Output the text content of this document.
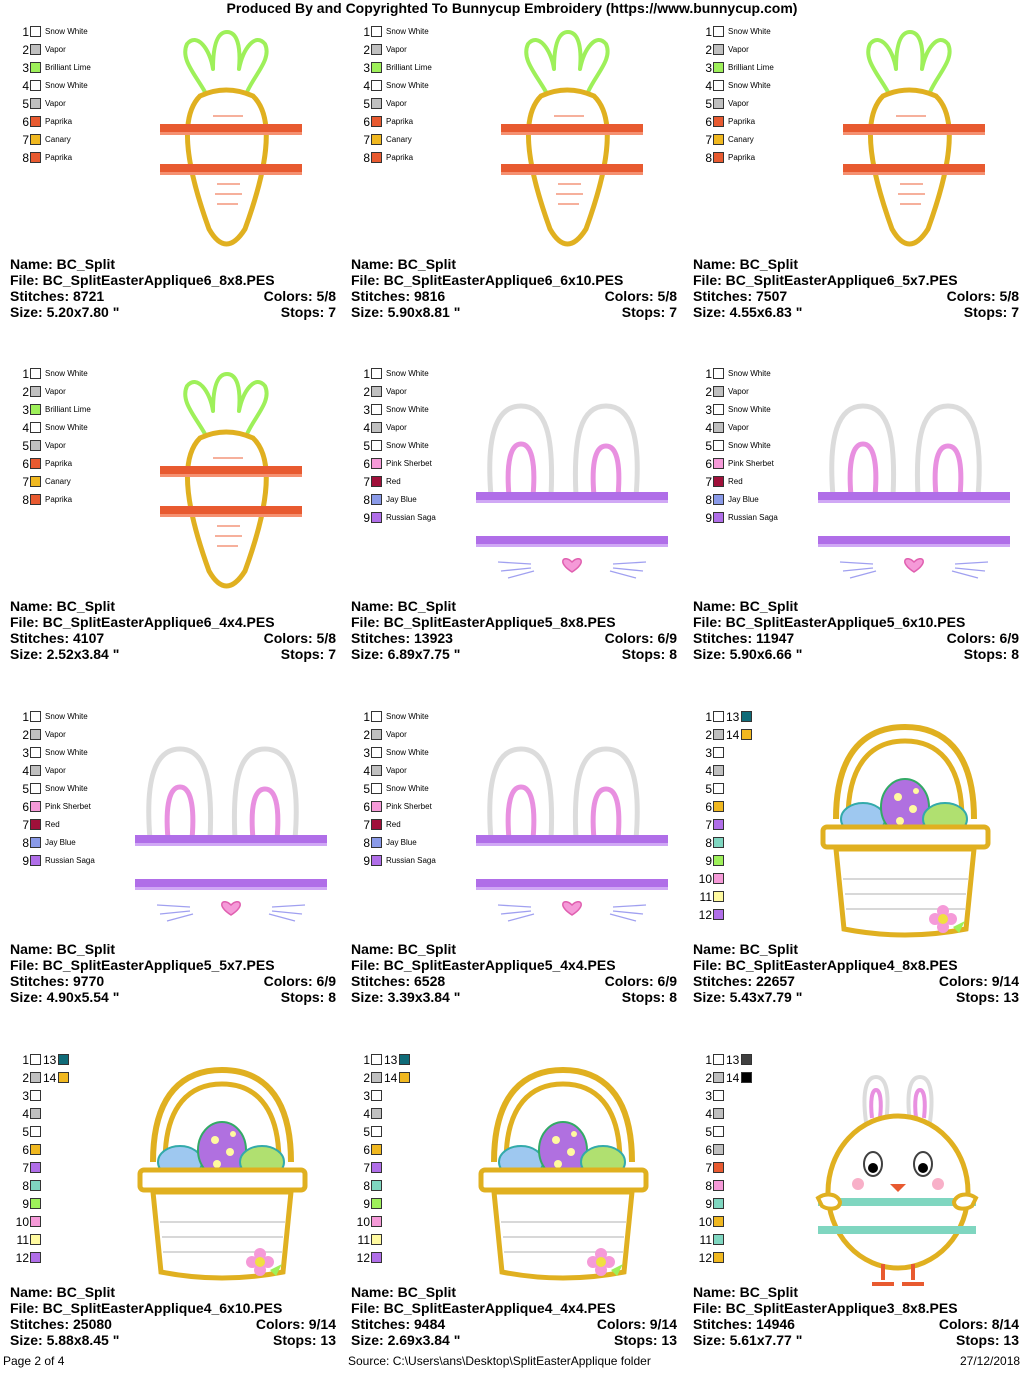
Produced By and Copyrighted To Bunnycup Embroidery (https://www.bunnycup.com)
1 Snow White
2 Vapor
3 Brilliant Lime
4 Snow White
5 Vapor
6 Paprika
7 Canary
8 Paprika
Name: BC_Split
File: BC_SplitEasterApplique6_8x8.PES
Stitches: 8721	Colors: 5/8
Size: 5.20x7.80 "	Stops: 7
1 Snow White
2 Vapor
3 Brilliant Lime
4 Snow White
5 Vapor
6 Paprika
7 Canary
8 Paprika
Name: BC_Split
File: BC_SplitEasterApplique6_6x10.PES
Stitches: 9816	Colors: 5/8
Size: 5.90x8.81 "	Stops: 7
1 Snow White
2 Vapor
3 Brilliant Lime
4 Snow White
5 Vapor
6 Paprika
7 Canary
8 Paprika
Name: BC_Split
File: BC_SplitEasterApplique6_5x7.PES
Stitches: 7507	Colors: 5/8
Size: 4.55x6.83 "	Stops: 7
1 Snow White
2 Vapor
3 Brilliant Lime
4 Snow White
5 Vapor
6 Paprika
7 Canary
8 Paprika
Name: BC_Split
File: BC_SplitEasterApplique6_4x4.PES
Stitches: 4107	Colors: 5/8
Size: 2.52x3.84 "	Stops: 7
1 Snow White
2 Vapor
3 Snow White
4 Vapor
5 Snow White
6 Pink Sherbet
7 Red
8 Jay Blue
9 Russian Saga
Name: BC_Split
File: BC_SplitEasterApplique5_8x8.PES
Stitches: 13923	Colors: 6/9
Size: 6.89x7.75 "	Stops: 8
1 Snow White
2 Vapor
3 Snow White
4 Vapor
5 Snow White
6 Pink Sherbet
7 Red
8 Jay Blue
9 Russian Saga
Name: BC_Split
File: BC_SplitEasterApplique5_6x10.PES
Stitches: 11947	Colors: 6/9
Size: 5.90x6.66 "	Stops: 8
1 Snow White
2 Vapor
3 Snow White
4 Vapor
5 Snow White
6 Pink Sherbet
7 Red
8 Jay Blue
9 Russian Saga
Name: BC_Split
File: BC_SplitEasterApplique5_5x7.PES
Stitches: 9770	Colors: 6/9
Size: 4.90x5.54 "	Stops: 8
1 Snow White
2 Vapor
3 Snow White
4 Vapor
5 Snow White
6 Pink Sherbet
7 Red
8 Jay Blue
9 Russian Saga
Name: BC_Split
File: BC_SplitEasterApplique5_4x4.PES
Stitches: 6528	Colors: 6/9
Size: 3.39x3.84 "	Stops: 8
1 13
2 14
3
4
5
6
7
8
9
10
11
12
Name: BC_Split
File: BC_SplitEasterApplique4_8x8.PES
Stitches: 22657	Colors: 9/14
Size: 5.43x7.79 "	Stops: 13
1 13
2 14
3
4
5
6
7
8
9
10
11
12
Name: BC_Split
File: BC_SplitEasterApplique4_6x10.PES
Stitches: 25080	Colors: 9/14
Size: 5.88x8.45 "	Stops: 13
1 13
2 14
3
4
5
6
7
8
9
10
11
12
Name: BC_Split
File: BC_SplitEasterApplique4_4x4.PES
Stitches: 9484	Colors: 9/14
Size: 2.69x3.84 "	Stops: 13
1 13
2 14
3
4
5
6
7
8
9
10
11
12
Name: BC_Split
File: BC_SplitEasterApplique3_8x8.PES
Stitches: 14946	Colors: 8/14
Size: 5.61x7.77 "	Stops: 13
Page 2 of 4	Source: C:\Users\ans\Desktop\SplitEasterApplique folder	27/12/2018
